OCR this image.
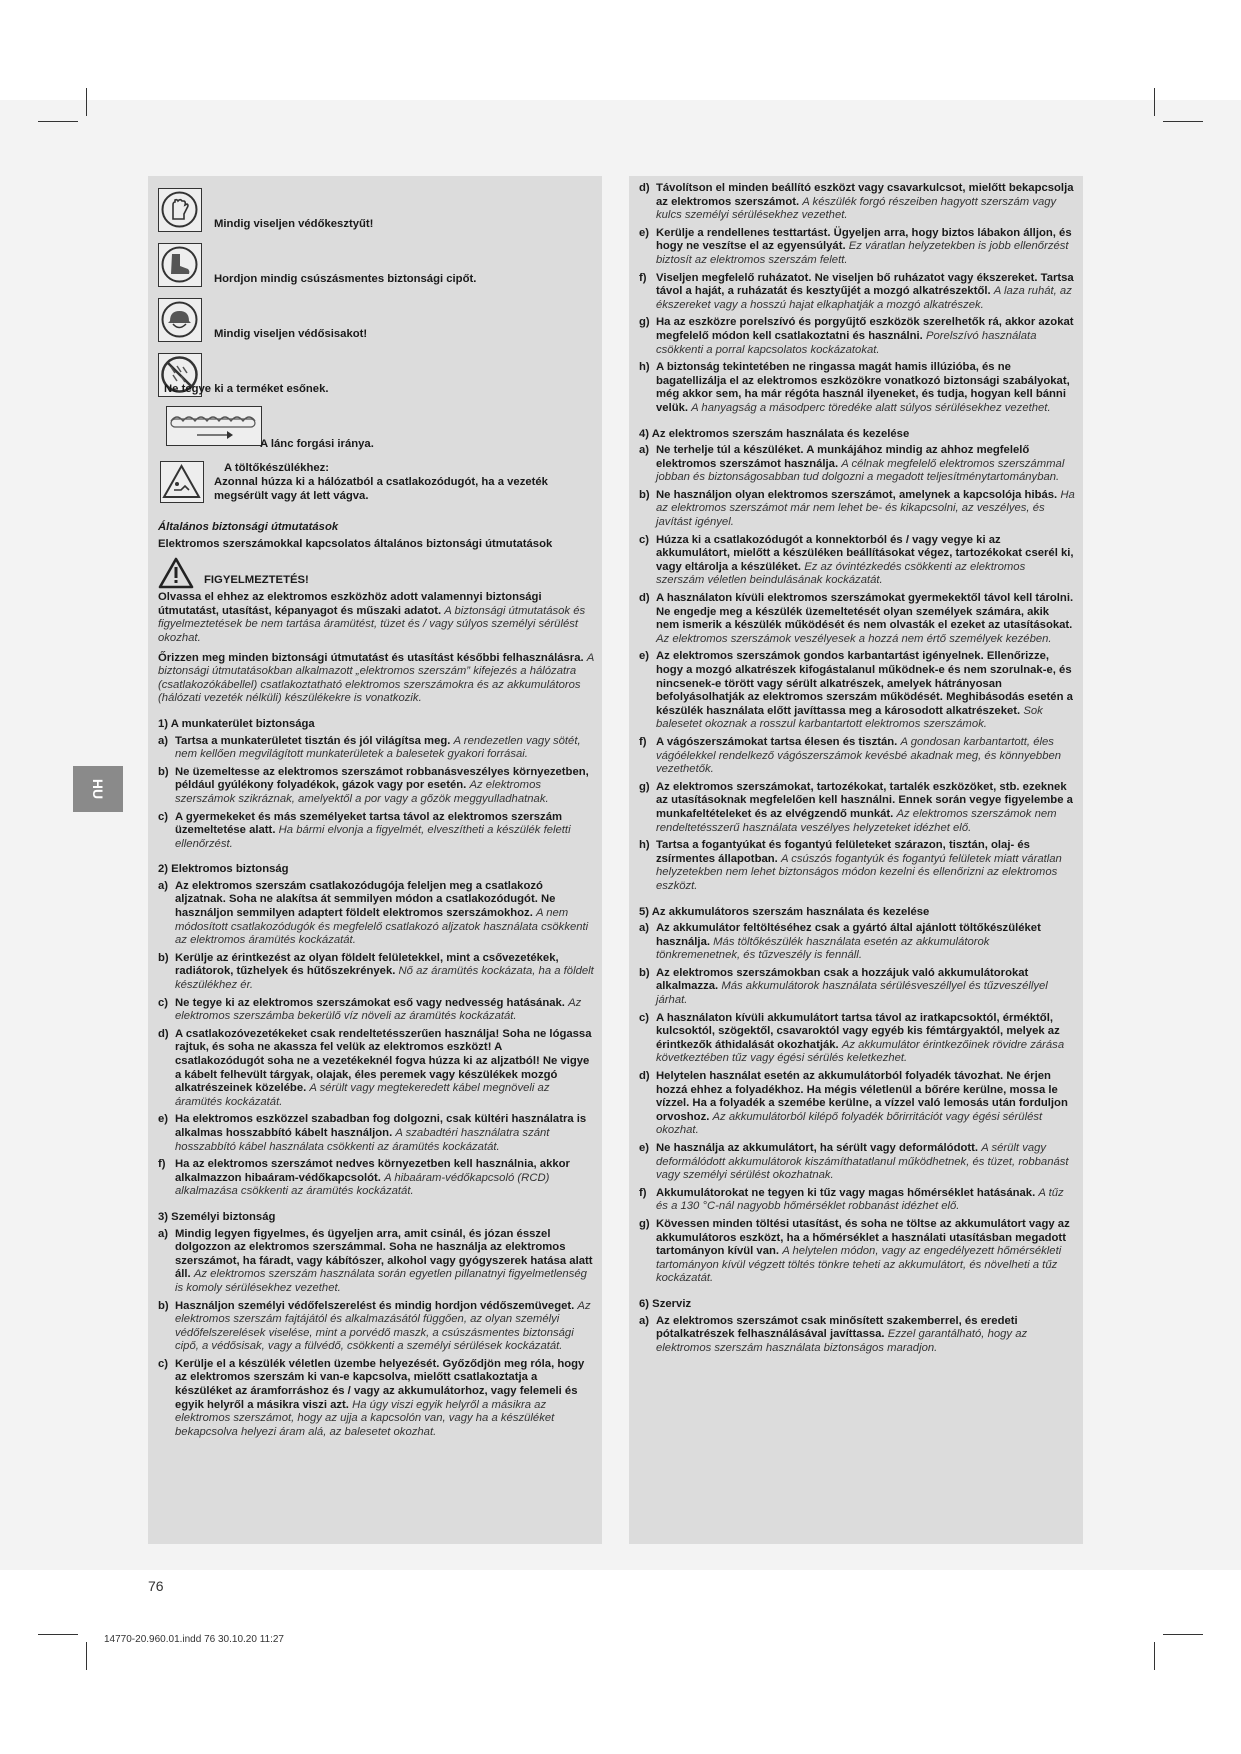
HU
Mindig viseljen védőkesztyűt!
Hordjon mindig csúszásmentes biztonsági cipőt.
Mindig viseljen védősisakot!
Ne tegye ki a terméket esőnek.
A lánc forgási iránya.
A töltőkészülékhez:
Azonnal húzza ki a hálózatból a csatlakozódugót, ha a vezeték megsérült vagy át lett vágva.

Általános biztonsági útmutatások

Elektromos szerszámokkal kapcsolatos általános biztonsági útmutatások

FIGYELMEZTETÉS!

Olvassa el ehhez az elektromos eszközhöz adott valamennyi biztonsági útmutatást, utasítást, képanyagot és műszaki adatot. A biztonsági útmutatások és figyelmeztetések be nem tartása áramütést, tüzet és / vagy súlyos személyi sérülést okozhat.

Őrizzen meg minden biztonsági útmutatást és utasítást későbbi felhasználásra. A biztonsági útmutatásokban alkalmazott „elektromos szerszám” kifejezés a hálózatra (csatlakozókábellel) csatlakoztatható elektromos szerszámokra és az akkumulátoros (hálózati vezeték nélküli) készülékekre is vonatkozik.

1) A munkaterület biztonsága

a) Tartsa a munkaterületet tisztán és jól világítsa meg. A rendezetlen vagy sötét, nem kellően megvilágított munkaterületek a balesetek gyakori forrásai.
b) Ne üzemeltesse az elektromos szerszámot robbanásveszélyes környezetben, például gyúlékony folyadékok, gázok vagy por esetén. Az elektromos szerszámok szikráznak, amelyektől a por vagy a gőzök meggyulladhatnak.
c) A gyermekeket és más személyeket tartsa távol az elektromos szerszám üzemeltetése alatt. Ha bármi elvonja a figyelmét, elveszítheti a készülék feletti ellenőrzést.

2) Elektromos biztonság

a) Az elektromos szerszám csatlakozódugója feleljen meg a csatlakozó aljzatnak. Soha ne alakítsa át semmilyen módon a csatlakozódugót. Ne használjon semmilyen adaptert földelt elektromos szerszámokhoz. A nem módosított csatlakozódugók és megfelelő csatlakozó aljzatok használata csökkenti az elektromos áramütés kockázatát.
b) Kerülje az érintkezést az olyan földelt felületekkel, mint a csővezetékek, radiátorok, tűzhelyek és hűtőszekrények. Nő az áramütés kockázata, ha a földelt készülékhez ér.
c) Ne tegye ki az elektromos szerszámokat eső vagy nedvesség hatásának. Az elektromos szerszámba bekerülő víz növeli az áramütés kockázatát.
d) A csatlakozóvezetékeket csak rendeltetésszerűen használja! Soha ne lógassa rajtuk, és soha ne akassza fel velük az elektromos eszközt! A csatlakozódugót soha ne a vezetékeknél fogva húzza ki az aljzatból! Ne vigye a kábelt felhevült tárgyak, olajak, éles peremek vagy készülékek mozgó alkatrészeinek közelébe. A sérült vagy megtekeredett kábel megnöveli az áramütés kockázatát.
e) Ha elektromos eszközzel szabadban fog dolgozni, csak kültéri használatra is alkalmas hosszabbító kábelt használjon. A szabadtéri használatra szánt hosszabbító kábel használata csökkenti az áramütés kockázatát.
f) Ha az elektromos szerszámot nedves környezetben kell használnia, akkor alkalmazzon hibaáram-védőkapcsolót. A hibaáram-védőkapcsoló (RCD) alkalmazása csökkenti az áramütés kockázatát.

3) Személyi biztonság

a) Mindig legyen figyelmes, és ügyeljen arra, amit csinál, és józan ésszel dolgozzon az elektromos szerszámmal. Soha ne használja az elektromos szerszámot, ha fáradt, vagy kábítószer, alkohol vagy gyógyszerek hatása alatt áll. Az elektromos szerszám használata során egyetlen pillanatnyi figyelmetlenség is komoly sérülésekhez vezethet.
b) Használjon személyi védőfelszerelést és mindig hordjon védőszemüveget. Az elektromos szerszám fajtájától és alkalmazásától függően, az olyan személyi védőfelszerelések viselése, mint a porvédő maszk, a csúszásmentes biztonsági cipő, a védősisak, vagy a fülvédő, csökkenti a személyi sérülések kockázatát.
c) Kerülje el a készülék véletlen üzembe helyezését. Győződjön meg róla, hogy az elektromos szerszám ki van-e kapcsolva, mielőtt csatlakoztatja a készüléket az áramforráshoz és / vagy az akkumulátorhoz, vagy felemeli és egyik helyről a másikra viszi azt. Ha úgy viszi egyik helyről a másikra az elektromos szerszámot, hogy az ujja a kapcsolón van, vagy ha a készüléket bekapcsolva helyezi áram alá, az balesetet okozhat.
d) Távolítson el minden beállító eszközt vagy csavarkulcsot, mielőtt bekapcsolja az elektromos szerszámot. A készülék forgó részeiben hagyott szerszám vagy kulcs személyi sérülésekhez vezethet.
e) Kerülje a rendellenes testtartást. Ügyeljen arra, hogy biztos lábakon álljon, és hogy ne veszítse el az egyensúlyát. Ez váratlan helyzetekben is jobb ellenőrzést biztosít az elektromos szerszám felett.
f) Viseljen megfelelő ruházatot. Ne viseljen bő ruházatot vagy ékszereket. Tartsa távol a haját, a ruházatát és kesztyűjét a mozgó alkatrészektől. A laza ruhát, az ékszereket vagy a hosszú hajat elkaphatják a mozgó alkatrészek.
g) Ha az eszközre porelszívó és porgyűjtő eszközök szerelhetők rá, akkor azokat megfelelő módon kell csatlakoztatni és használni. Porelszívó használata csökkenti a porral kapcsolatos kockázatokat.
h) A biztonság tekintetében ne ringassa magát hamis illúzióba, és ne bagatellizálja el az elektromos eszközökre vonatkozó biztonsági szabályokat, még akkor sem, ha már régóta használ ilyeneket, és tudja, hogyan kell bánni velük. A hanyagság a másodperc töredéke alatt súlyos sérülésekhez vezethet.

4) Az elektromos szerszám használata és kezelése

a) Ne terhelje túl a készüléket. A munkájához mindig az ahhoz megfelelő elektromos szerszámot használja. A célnak megfelelő elektromos szerszámmal jobban és biztonságosabban tud dolgozni a megadott teljesítménytartományban.
b) Ne használjon olyan elektromos szerszámot, amelynek a kapcsolója hibás. Ha az elektromos szerszámot már nem lehet be- és kikapcsolni, az veszélyes, és javítást igényel.
c) Húzza ki a csatlakozódugót a konnektorból és / vagy vegye ki az akkumulátort, mielőtt a készüléken beállításokat végez, tartozékokat cserél ki, vagy eltárolja a készüléket. Ez az óvintézkedés csökkenti az elektromos szerszám véletlen beindulásának kockázatát.
d) A használaton kívüli elektromos szerszámokat gyermekektől távol kell tárolni. Ne engedje meg a készülék üzemeltetését olyan személyek számára, akik nem ismerik a készülék működését és nem olvasták el ezeket az utasításokat. Az elektromos szerszámok veszélyesek a hozzá nem értő személyek kezében.
e) Az elektromos szerszámok gondos karbantartást igényelnek. Ellenőrizze, hogy a mozgó alkatrészek kifogástalanul működnek-e és nem szorulnak-e, és nincsenek-e törött vagy sérült alkatrészek, amelyek hátrányosan befolyásolhatják az elektromos szerszám működését. Meghibásodás esetén a készülék használata előtt javíttassa meg a károsodott alkatrészeket. Sok balesetet okoznak a rosszul karbantartott elektromos szerszámok.
f) A vágószerszámokat tartsa élesen és tisztán. A gondosan karbantartott, éles vágóélekkel rendelkező vágószerszámok kevésbé akadnak meg, és könnyebben vezethetők.
g) Az elektromos szerszámokat, tartozékokat, tartalék eszközöket, stb. ezeknek az utasításoknak megfelelően kell használni. Ennek során vegye figyelembe a munkafeltételeket és az elvégzendő munkát. Az elektromos szerszámok nem rendeltetésszerű használata veszélyes helyzeteket idézhet elő.
h) Tartsa a fogantyúkat és fogantyú felületeket szárazon, tisztán, olaj- és zsírmentes állapotban. A csúszós fogantyúk és fogantyú felületek miatt váratlan helyzetekben nem lehet biztonságos módon kezelni és ellenőrizni az elektromos eszközt.

5) Az akkumulátoros szerszám használata és kezelése

a) Az akkumulátor feltöltéséhez csak a gyártó által ajánlott töltőkészüléket használja. Más töltőkészülék használata esetén az akkumulátorok tönkremenetnek, és tűzveszély is fennáll.
b) Az elektromos szerszámokban csak a hozzájuk való akkumulátorokat alkalmazza. Más akkumulátorok használata sérülésveszéllyel és tűzveszéllyel járhat.
c) A használaton kívüli akkumulátort tartsa távol az iratkapcsoktól, érméktől, kulcsoktól, szögektől, csavaroktól vagy egyéb kis fémtárgyaktól, melyek az érintkezők áthidalását okozhatják. Az akkumulátor érintkezőinek rövidre zárása következtében tűz vagy égési sérülés keletkezhet.
d) Helytelen használat esetén az akkumulátorból folyadék távozhat. Ne érjen hozzá ehhez a folyadékhoz. Ha mégis véletlenül a bőrére kerülne, mossa le vízzel. Ha a folyadék a szemébe kerülne, a vízzel való lemosás után forduljon orvoshoz. Az akkumulátorból kilépő folyadék bőrirritációt vagy égési sérülést okozhat.
e) Ne használja az akkumulátort, ha sérült vagy deformálódott. A sérült vagy deformálódott akkumulátorok kiszámíthatatlanul működhetnek, és tüzet, robbanást vagy személyi sérülést okozhatnak.
f) Akkumulátorokat ne tegyen ki tűz vagy magas hőmérséklet hatásának. A tűz és a 130 °C-nál nagyobb hőmérséklet robbanást idézhet elő.
g) Kövessen minden töltési utasítást, és soha ne töltse az akkumulátort vagy az akkumulátoros eszközt, ha a hőmérséklet a használati utasításban megadott tartományon kívül van. A helytelen módon, vagy az engedélyezett hőmérsékleti tartományon kívül végzett töltés tönkre teheti az akkumulátort, és növelheti a tűz kockázatát.

6) Szerviz

a) Az elektromos szerszámot csak minősített szakemberrel, és eredeti pótalkatrészek felhasználásával javíttassa. Ezzel garantálható, hogy az elektromos szerszám használata biztonságos maradjon.
76
14770-20.960.01.indd 76 30.10.20 11:27
